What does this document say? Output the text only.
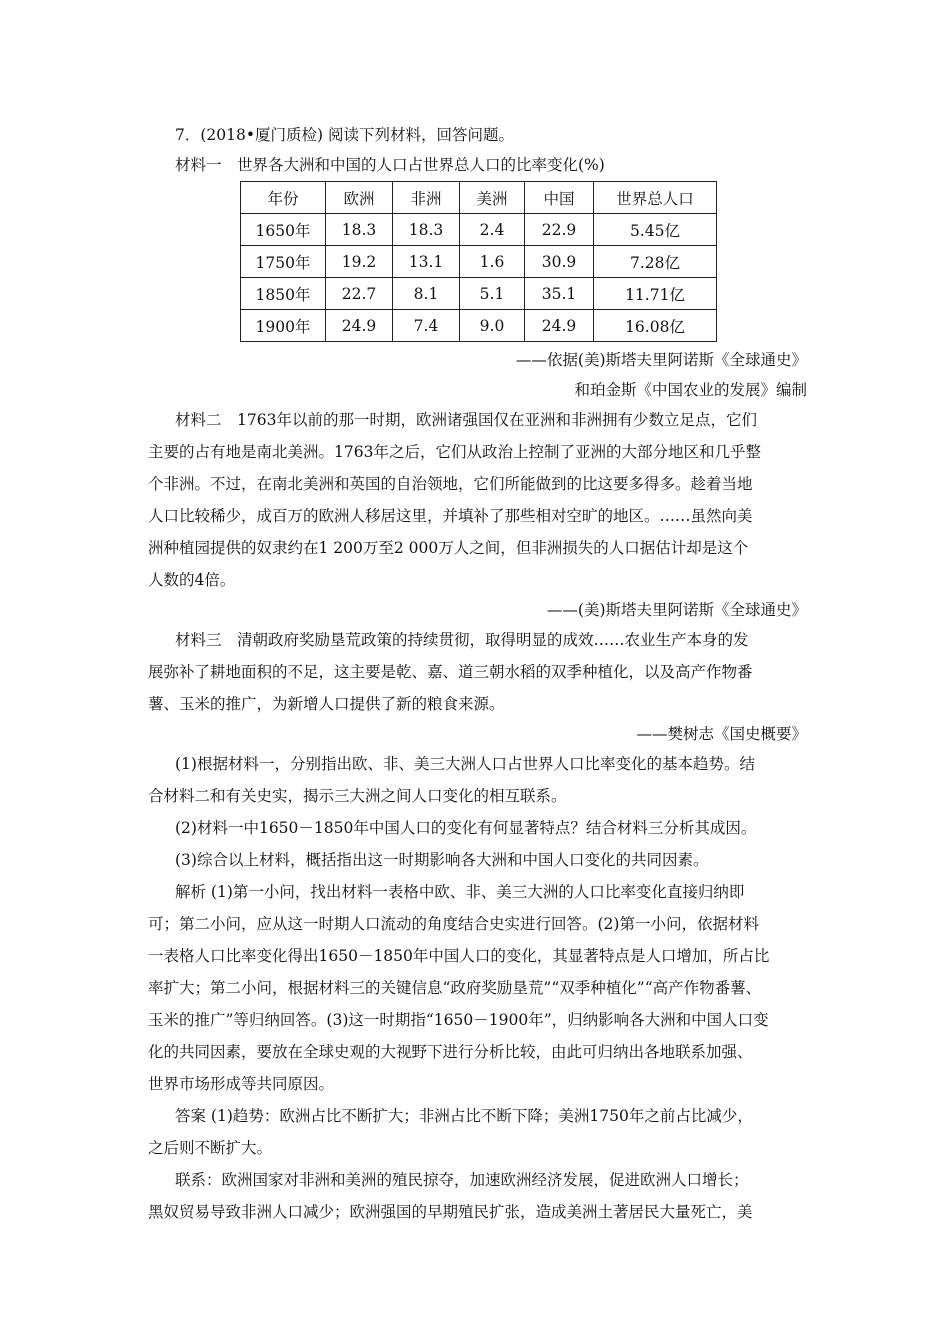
7．(2018•厦门质检) 阅读下列材料，回答问题。
材料一　世界各大洲和中国的人口占世界总人口的比率变化(%)
年份	欧洲	非洲	美洲	中国	世界总人口
1650年	18.3	18.3	2.4	22.9	5.45亿
1750年	19.2	13.1	1.6	30.9	7.28亿
1850年	22.7	8.1	5.1	35.1	11.71亿
1900年	24.9	7.4	9.0	24.9	16.08亿
——依据(美)斯塔夫里阿诺斯《全球通史》
和珀金斯《中国农业的发展》编制
材料二　1763年以前的那一时期，欧洲诸强国仅在亚洲和非洲拥有少数立足点，它们
主要的占有地是南北美洲。1763年之后，它们从政治上控制了亚洲的大部分地区和几乎整
个非洲。不过，在南北美洲和英国的自治领地，它们所能做到的比这要多得多。趁着当地
人口比较稀少，成百万的欧洲人移居这里，并填补了那些相对空旷的地区。……虽然向美
洲种植园提供的奴隶约在1 200万至2 000万人之间，但非洲损失的人口据估计却是这个
人数的4倍。
——(美)斯塔夫里阿诺斯《全球通史》
材料三　清朝政府奖励垦荒政策的持续贯彻，取得明显的成效……农业生产本身的发
展弥补了耕地面积的不足，这主要是乾、嘉、道三朝水稻的双季种植化，以及高产作物番
薯、玉米的推广，为新增人口提供了新的粮食来源。
——樊树志《国史概要》
(1)根据材料一，分别指出欧、非、美三大洲人口占世界人口比率变化的基本趋势。结
合材料二和有关史实，揭示三大洲之间人口变化的相互联系。
(2)材料一中1650－1850年中国人口的变化有何显著特点？结合材料三分析其成因。
(3)综合以上材料，概括指出这一时期影响各大洲和中国人口变化的共同因素。
解析 (1)第一小问，找出材料一表格中欧、非、美三大洲的人口比率变化直接归纳即
可；第二小问，应从这一时期人口流动的角度结合史实进行回答。(2)第一小问，依据材料
一表格人口比率变化得出1650－1850年中国人口的变化，其显著特点是人口增加，所占比
率扩大；第二小问，根据材料三的关键信息“政府奖励垦荒”“双季种植化”“高产作物番薯、
玉米的推广”等归纳回答。(3)这一时期指“1650－1900年”，归纳影响各大洲和中国人口变
化的共同因素，要放在全球史观的大视野下进行分析比较，由此可归纳出各地联系加强、
世界市场形成等共同原因。
答案 (1)趋势：欧洲占比不断扩大；非洲占比不断下降；美洲1750年之前占比减少，
之后则不断扩大。
联系：欧洲国家对非洲和美洲的殖民掠夺，加速欧洲经济发展，促进欧洲人口增长；
黑奴贸易导致非洲人口减少；欧洲强国的早期殖民扩张，造成美洲土著居民大量死亡，美
